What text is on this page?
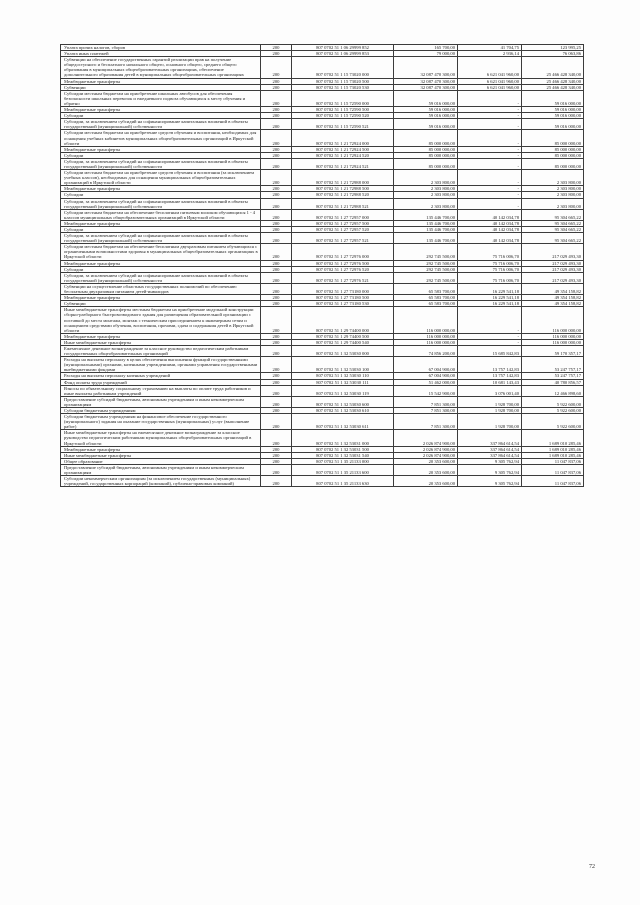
Уплата прочих налогов, сборов	200	807 0702 51 1 06 29999 852	165 700,00	41 704,75	123 995,25
Уплата иных платежей	200	807 0702 51 1 06 29999 853	79 000,00	2 936,14	76 063,86
Субвенции на обеспечение государственных гарантий реализации прав на получение общедоступного и бесплатного начального общего, основного общего, среднего общего образования в муниципальных общеобразовательных организациях, обеспечение дополнительного образования детей в муниципальных общеобразовательных организациях	200	807 0702 51 1 15 73020 000	32 087 470 300,00	6 621 041 960,00	25 466 428 340,00
Межбюджетные трансферты	200	807 0702 51 1 15 73020 500	32 087 470 300,00	6 621 041 960,00	25 466 428 340,00
Субвенции	200	807 0702 51 1 15 73020 530	32 087 470 300,00	6 621 041 960,00	25 466 428 340,00
Субсидии местным бюджетам на приобретение школьных автобусов для обеспечения безопасности школьных перевозок и ежедневного подвоза обучающихся к месту обучения и обратно	200	807 0702 51 1 15 72590 000	59 016 000,00	-	59 016 000,00
Межбюджетные трансферты	200	807 0702 51 1 15 72590 500	59 016 000,00	-	59 016 000,00
Субсидии	200	807 0702 51 1 15 72590 520	59 016 000,00	-	59 016 000,00
Субсидии, за исключением субсидий на софинансирование капитальных вложений в объекты государственной (муниципальной) собственности	200	807 0702 51 1 15 72590 521	59 016 000,00	-	59 016 000,00
Субсидии местным бюджетам на приобретение средств обучения и воспитания, необходимых для оснащения учебных кабинетов муниципальных общеобразовательных организаций в Иркутской области	200	807 0702 51 1 21 72924 000	85 000 000,00	-	85 000 000,00
Межбюджетные трансферты	200	807 0702 51 1 21 72924 500	85 000 000,00	-	85 000 000,00
Субсидии	200	807 0702 51 1 21 72924 520	85 000 000,00	-	85 000 000,00
Субсидии, за исключением субсидий на софинансирование капитальных вложений в объекты государственной (муниципальной) собственности	200	807 0702 51 1 21 72924 521	85 000 000,00	-	85 000 000,00
Субсидии местным бюджетам на приобретение средств обучения и воспитания (за исключением учебных классов), необходимых для оснащения муниципальных общеобразовательных организаций в Иркутской области	200	807 0702 51 1 21 72988 000	2 303 800,00	-	2 303 800,00
Межбюджетные трансферты	200	807 0702 51 1 21 72988 500	2 303 800,00	-	2 303 800,00
Субсидии	200	807 0702 51 1 21 72988 520	2 303 800,00	-	2 303 800,00
Субсидии, за исключением субсидий на софинансирование капитальных вложений в объекты государственной (муниципальной) собственности	200	807 0702 51 1 21 72988 521	2 303 800,00	-	2 303 800,00
Субсидии местным бюджетам на обеспечение бесплатным питьевым молоком обучающихся 1 - 4 классов муниципальных общеобразовательных организаций в Иркутской области	200	807 0702 51 1 27 72957 000	135 446 700,00	40 142 034,78	95 304 665,22
Межбюджетные трансферты	200	807 0702 51 1 27 72957 500	135 446 700,00	40 142 034,78	95 304 665,22
Субсидии	200	807 0702 51 1 27 72957 520	135 446 700,00	40 142 034,78	95 304 665,22
Субсидии, за исключением субсидий на софинансирование капитальных вложений в объекты государственной (муниципальной) собственности	200	807 0702 51 1 27 72957 521	135 446 700,00	40 142 034,78	95 304 665,22
Субсидии местным бюджетам на обеспечение бесплатным двухразовым питанием обучающихся с ограниченными возможностями здоровья в муниципальных общеобразовательных организациях в Иркутской области	200	807 0702 51 1 27 72976 000	292 745 500,00	75 716 006,70	217 029 493,30
Межбюджетные трансферты	200	807 0702 51 1 27 72976 500	292 745 500,00	75 716 006,70	217 029 493,30
Субсидии	200	807 0702 51 1 27 72976 520	292 745 500,00	75 716 006,70	217 029 493,30
Субсидии, за исключением субсидий на софинансирование капитальных вложений в объекты государственной (муниципальной) собственности	200	807 0702 51 1 27 72976 521	292 745 500,00	75 716 006,70	217 029 493,30
Субвенции на осуществление областных государственных полномочий по обеспечению бесплатным двухразовым питанием детей-инвалидов	200	807 0702 51 1 27 73180 000	65 583 700,00	16 229 541,18	49 354 158,82
Межбюджетные трансферты	200	807 0702 51 1 27 73180 500	65 583 700,00	16 229 541,18	49 354 158,82
Субвенции	200	807 0702 51 1 27 73180 530	65 583 700,00	16 229 541,18	49 354 158,82
Иные межбюджетные трансферты местным бюджетам на приобретение модульной конструкции сборно-разборного быстровозводимого здания для размещения образовательной организации с поставкой до места монтажа, монтаж с техническим присоединением к инженерным сетям и оснащением средствами обучения, воспитания, прочими, сдача и содержания детей в Иркутской области	200	807 0702 51 1 29 74400 000	116 000 000,00	-	116 000 000,00
Межбюджетные трансферты	200	807 0702 51 1 29 74400 500	116 000 000,00	-	116 000 000,00
Иные межбюджетные трансферты	200	807 0702 51 1 29 74400 540	116 000 000,00	-	116 000 000,00
Ежемесячное денежное вознаграждение за классное руководство педагогическим работникам государственных общеобразовательных организаций	200	807 0702 51 1 32 53030 000	74 856 200,00	15 685 842,83	59 170 357,17
Расходы на выплаты персоналу в целях обеспечения выполнения функций государственными (муниципальными) органами, казенными учреждениями, органами управления государственными внебюджетными фондами	200	807 0702 51 1 32 53030 100	67 004 900,00	13 757 142,83	53 247 757,17
Расходы на выплаты персоналу казенных учреждений	200	807 0702 51 1 32 53030 110	67 004 900,00	13 757 142,83	53 247 757,17
Фонд оплаты труда учреждений	200	807 0702 51 1 32 53030 111	51 462 000,00	10 681 143,43	40 780 856,57
Взносы по обязательному социальному страхованию на выплаты по оплате труда работников и иные выплаты работникам учреждений	200	807 0702 51 1 32 53030 119	15 542 900,00	3 076 001,40	12 466 898,60
Предоставление субсидий бюджетным, автономным учреждениям и иным некоммерческим организациям	200	807 0702 51 1 32 53030 600	7 851 300,00	1 928 700,00	5 922 600,00
Субсидии бюджетным учреждениям	200	807 0702 51 1 32 53030 610	7 851 300,00	1 928 700,00	5 922 600,00
Субсидии бюджетным учреждениям на финансовое обеспечение государственного (муниципального) задания на оказание государственных (муниципальных) услуг (выполнение работ)	200	807 0702 51 1 32 53030 611	7 851 300,00	1 928 700,00	5 922 600,00
Иные межбюджетные трансферты на ежемесячное денежное вознаграждение за классное руководство педагогическим работникам муниципальных общеобразовательных организаций в Иркутской области	200	807 0702 51 1 32 53031 000	2 026 874 900,00	337 864 614,54	1 689 010 285,46
Межбюджетные трансферты	200	807 0702 51 1 32 53031 500	2 026 874 900,00	337 864 614,54	1 689 010 285,46
Иные межбюджетные трансферты	200	807 0702 51 1 32 53031 540	2 026 874 900,00	337 864 614,54	1 689 010 285,46
Общее образование	200	807 0702 51 1 35 21133 000	20 353 600,00	9 305 762,94	11 047 837,06
Предоставление субсидий бюджетным, автономным учреждениям и иным некоммерческим организациям	200	807 0702 51 1 35 21133 600	20 353 600,00	9 305 762,94	11 047 837,06
Субсидии некоммерческим организациям (за исключением государственных (муниципальных) учреждений, государственных корпораций (компаний), публично-правовых компаний)	200	807 0702 51 1 35 21133 630	20 353 600,00	9 305 762,94	11 047 837,06
72
